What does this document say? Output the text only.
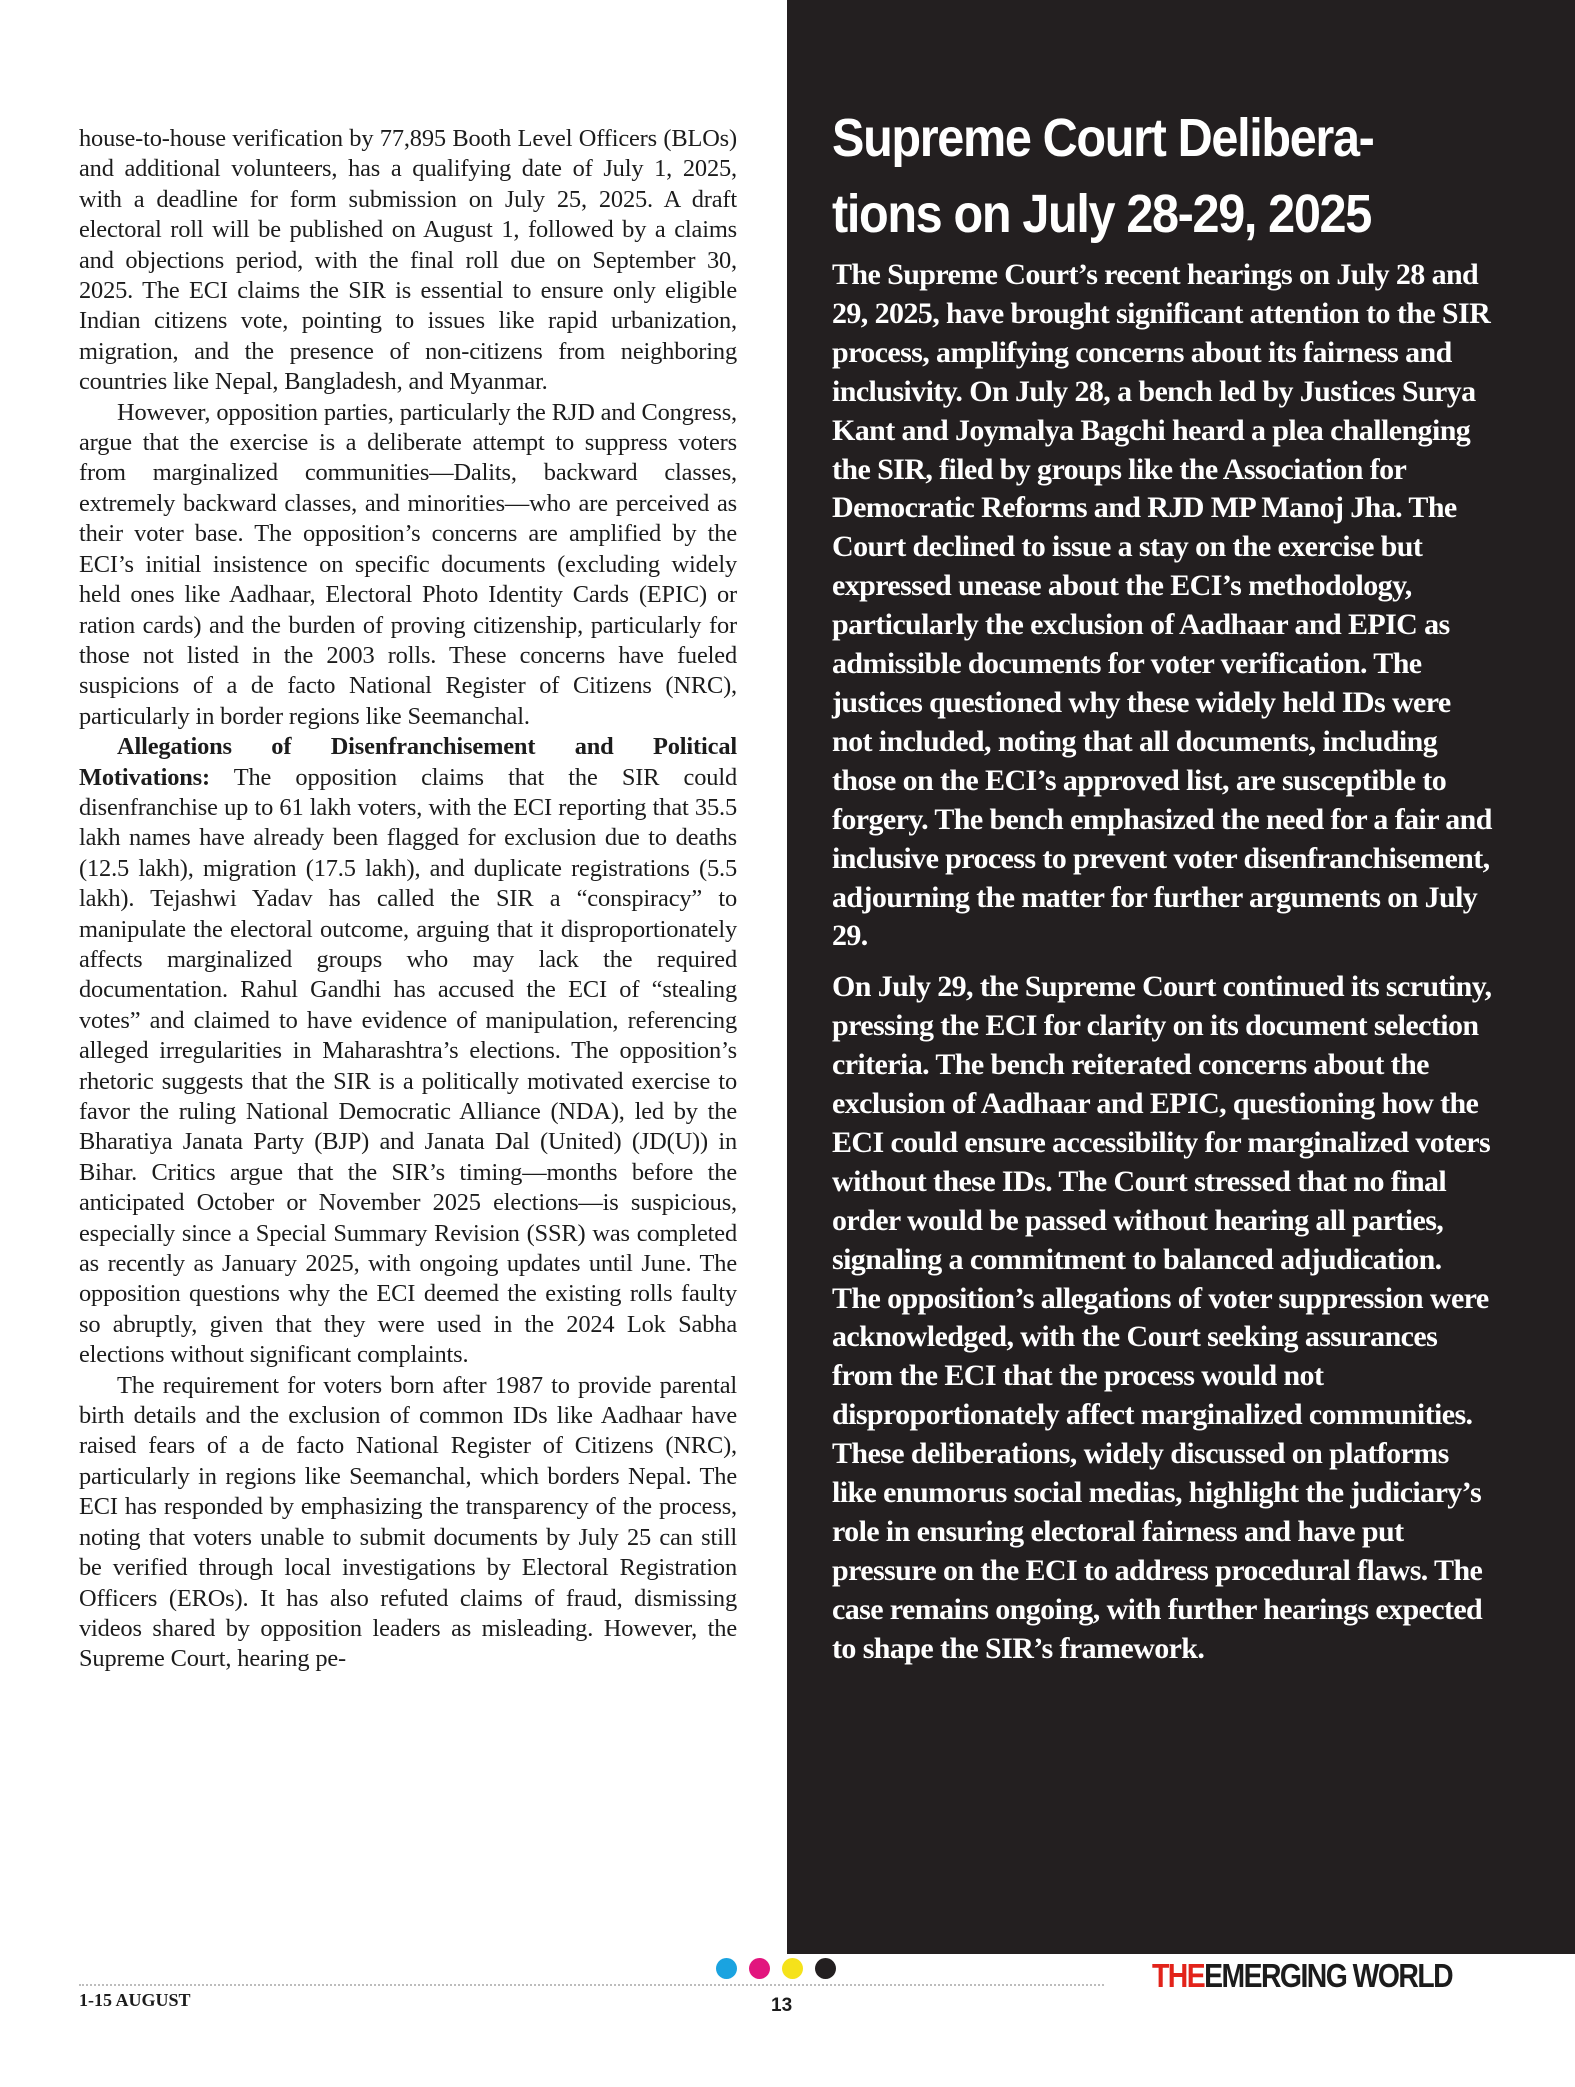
house-to-house verification by 77,895 Booth Level Officers (BLOs) and additional volunteers, has a qualifying date of July 1, 2025, with a deadline for form submission on July 25, 2025. A draft electoral roll will be published on August 1, followed by a claims and objections period, with the final roll due on September 30, 2025. The ECI claims the SIR is essential to ensure only eligible Indian citizens vote, pointing to issues like rapid urbanization, migration, and the presence of non-citizens from neighboring countries like Nepal, Bangladesh, and Myanmar.

However, opposition parties, particularly the RJD and Congress, argue that the exercise is a deliberate attempt to suppress voters from marginalized communities—Dalits, backward classes, extremely backward classes, and minorities—who are perceived as their voter base. The opposition’s concerns are amplified by the ECI’s initial insistence on specific documents (excluding widely held ones like Aadhaar, Electoral Photo Identity Cards (EPIC) or ration cards) and the burden of proving citizenship, particularly for those not listed in the 2003 rolls. These concerns have fueled suspicions of a de facto National Register of Citizens (NRC), particularly in border regions like Seemanchal.

Allegations of Disenfranchisement and Political Motivations: The opposition claims that the SIR could disenfranchise up to 61 lakh voters, with the ECI reporting that 35.5 lakh names have already been flagged for exclusion due to deaths (12.5 lakh), migration (17.5 lakh), and duplicate registrations (5.5 lakh). Tejashwi Yadav has called the SIR a “conspiracy” to manipulate the electoral outcome, arguing that it disproportionately affects marginalized groups who may lack the required documentation. Rahul Gandhi has accused the ECI of “stealing votes” and claimed to have evidence of manipulation, referencing alleged irregularities in Maharashtra’s elections. The opposition’s rhetoric suggests that the SIR is a politically motivated exercise to favor the ruling National Democratic Alliance (NDA), led by the Bharatiya Janata Party (BJP) and Janata Dal (United) (JD(U)) in Bihar. Critics argue that the SIR’s timing—months before the anticipated October or November 2025 elections—is suspicious, especially since a Special Summary Revision (SSR) was completed as recently as January 2025, with ongoing updates until June. The opposition questions why the ECI deemed the existing rolls faulty so abruptly, given that they were used in the 2024 Lok Sabha elections without significant complaints.

The requirement for voters born after 1987 to provide parental birth details and the exclusion of common IDs like Aadhaar have raised fears of a de facto National Register of Citizens (NRC), particularly in regions like Seemanchal, which borders Nepal. The ECI has responded by emphasizing the transparency of the process, noting that voters unable to submit documents by July 25 can still be verified through local investigations by Electoral Registration Officers (EROs). It has also refuted claims of fraud, dismissing videos shared by opposition leaders as misleading. However, the Supreme Court, hearing pe-

Supreme Court Delibera-
tions on July 28-29, 2025

The Supreme Court’s recent hearings on July 28 and 29, 2025, have brought significant attention to the SIR process, amplifying concerns about its fairness and inclusivity. On July 28, a bench led by Justices Surya Kant and Joymalya Bagchi heard a plea challenging the SIR, filed by groups like the Association for Democratic Reforms and RJD MP Manoj Jha. The Court declined to issue a stay on the exercise but expressed unease about the ECI’s methodology, particularly the exclusion of Aadhaar and EPIC as admissible documents for voter verification. The justices questioned why these widely held IDs were not included, noting that all documents, including those on the ECI’s approved list, are susceptible to forgery. The bench emphasized the need for a fair and inclusive process to prevent voter disenfranchisement, adjourning the matter for further arguments on July 29.

On July 29, the Supreme Court continued its scrutiny, pressing the ECI for clarity on its document selection criteria. The bench reiterated concerns about the exclusion of Aadhaar and EPIC, questioning how the ECI could ensure accessibility for marginalized voters without these IDs. The Court stressed that no final order would be passed without hearing all parties, signaling a commitment to balanced adjudication. The opposition’s allegations of voter suppression were acknowledged, with the Court seeking assurances from the ECI that the process would not disproportionately affect marginalized communities. These deliberations, widely discussed on platforms like enumorus social medias, highlight the judiciary’s role in ensuring electoral fairness and have put pressure on the ECI to address procedural flaws. The case remains ongoing, with further hearings expected to shape the SIR’s framework.

1-15 AUGUST	13
THEEMERGING WORLD
